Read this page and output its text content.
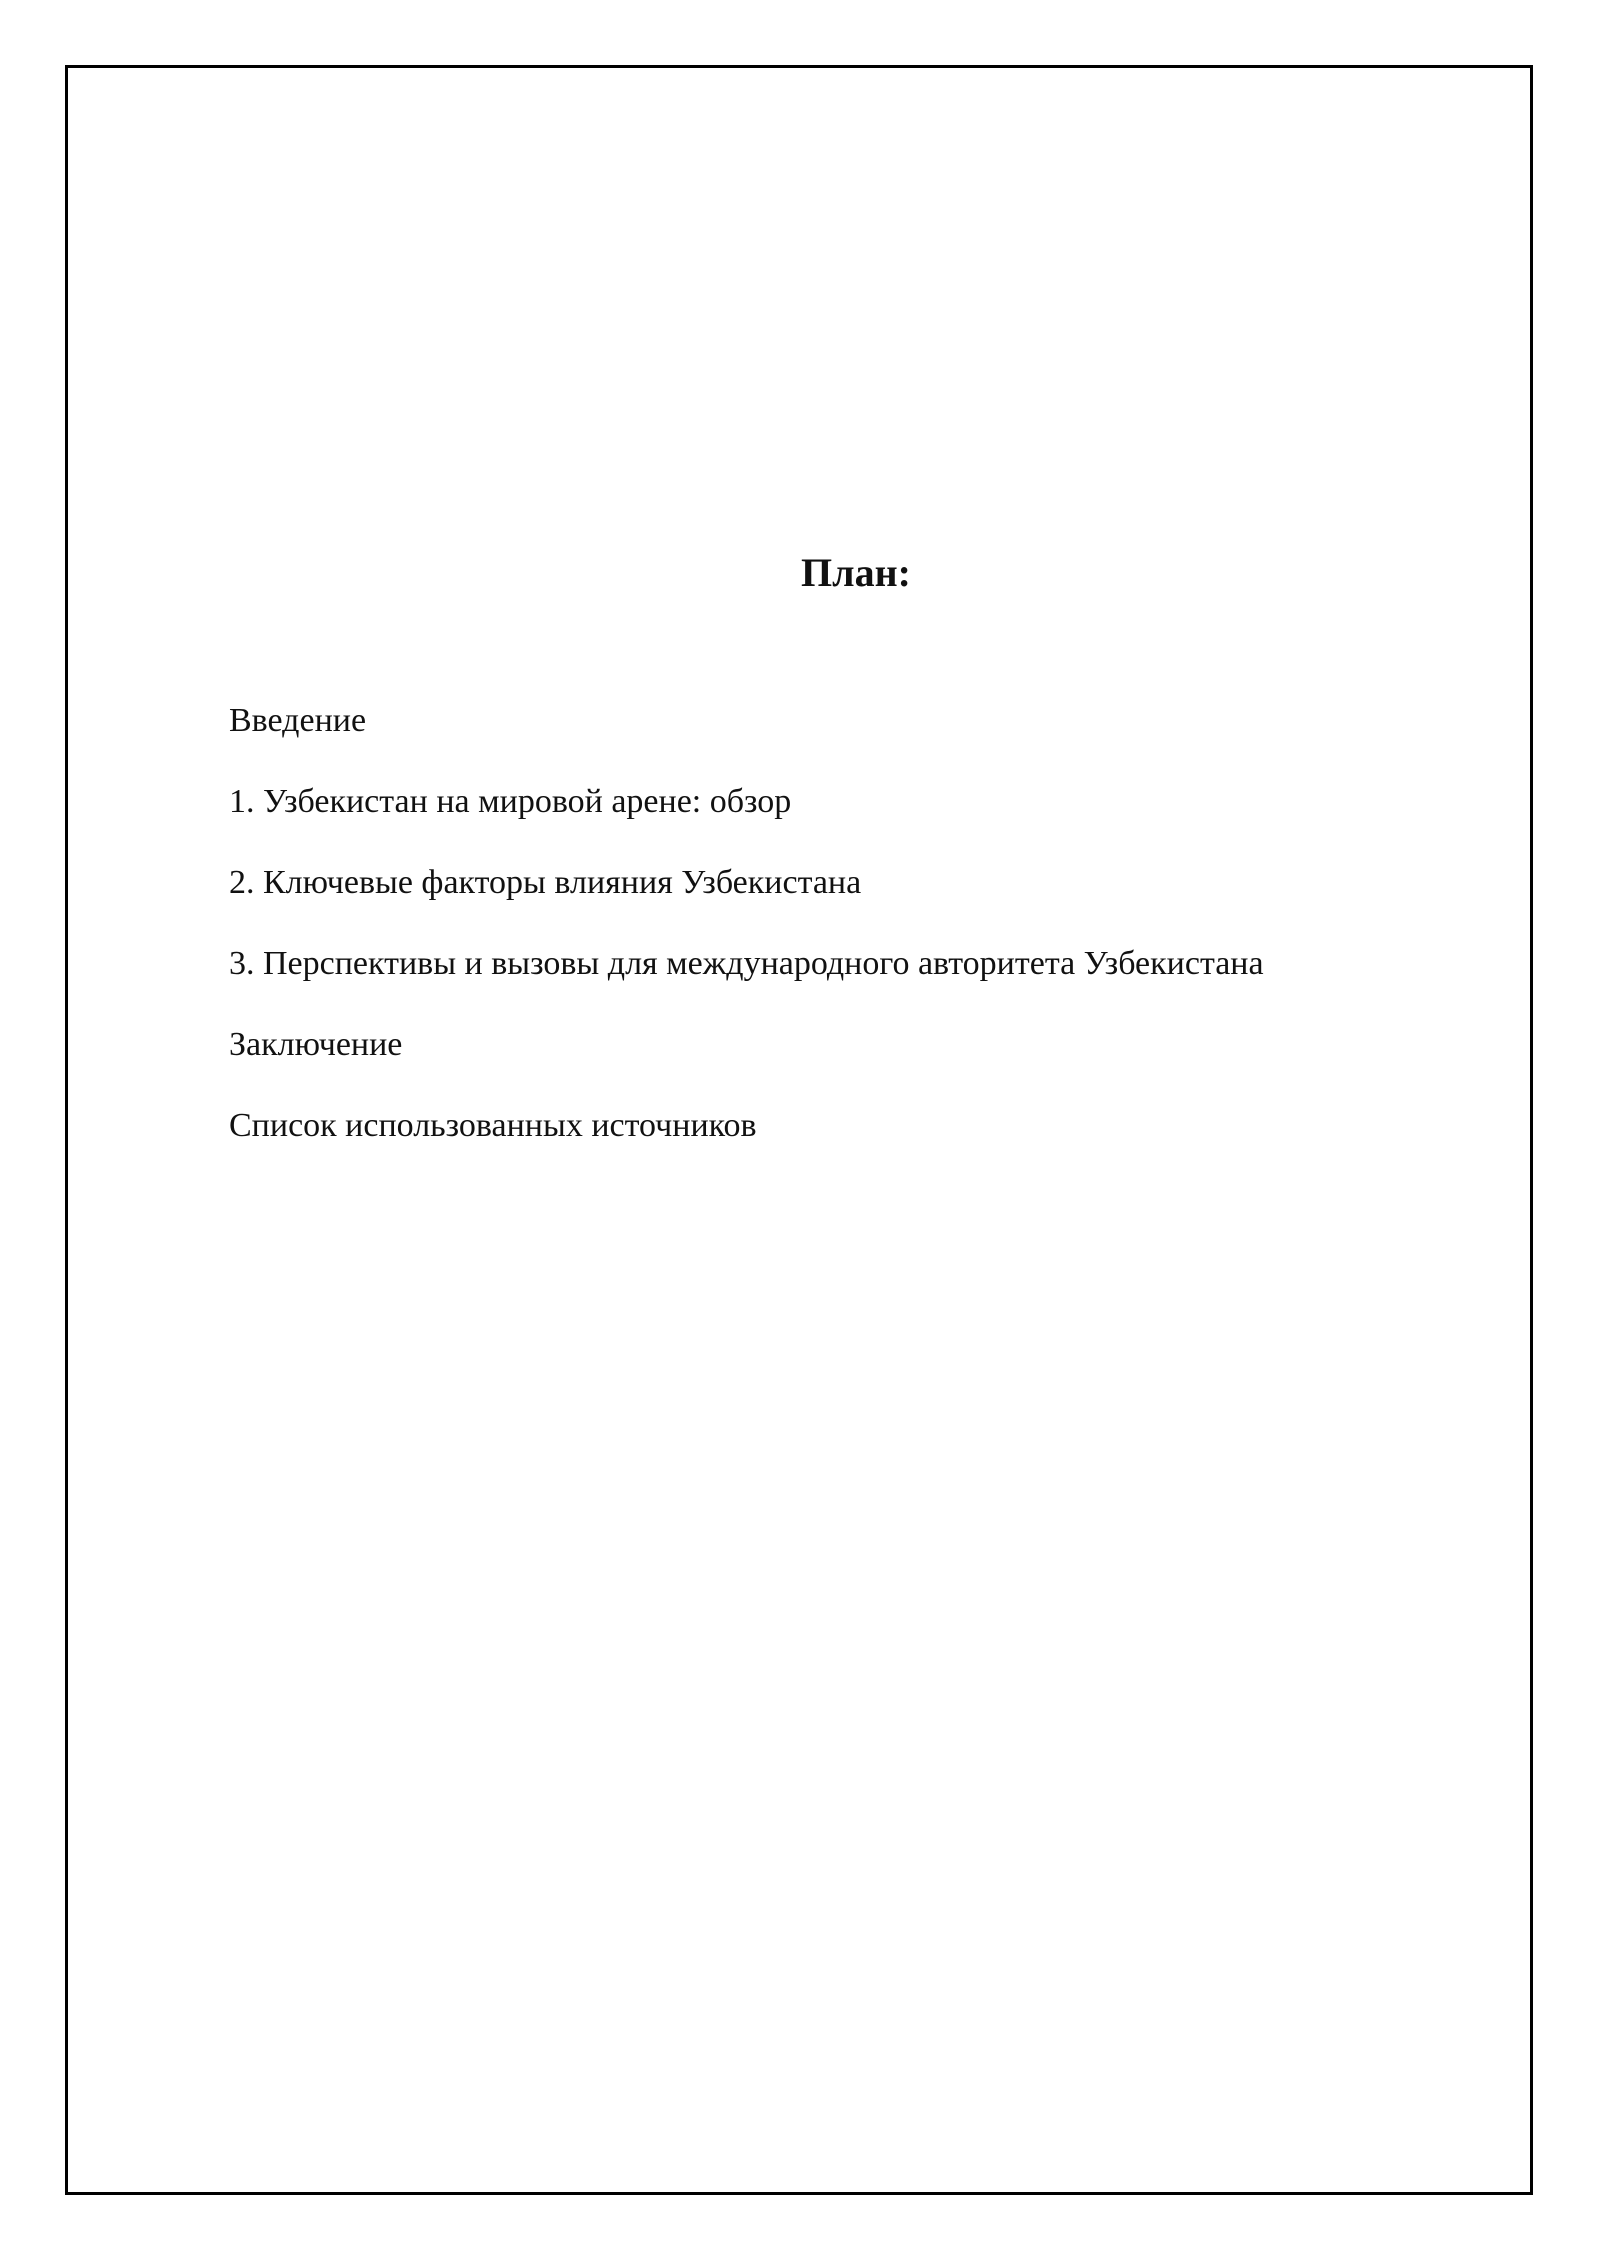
План:
Введение
1. Узбекистан на мировой арене: обзор
2. Ключевые факторы влияния Узбекистана
3. Перспективы и вызовы для международного авторитета Узбекистана
Заключение
Список использованных источников
